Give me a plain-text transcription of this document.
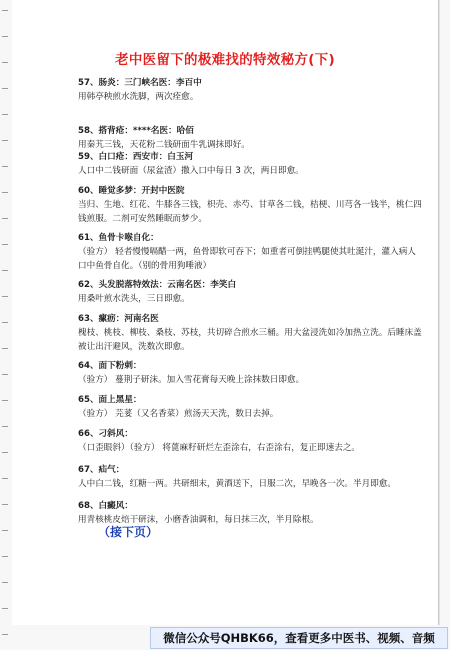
老中医留下的极难找的特效秘方(下)
57、肠炎：三门峡名医：李百中
用韩亭秧煎水洗脚，两次痊愈。
58、搭背疮：****名医：哈佰
用秦艽三钱，天花粉二钱研面牛乳调抹即好。
59、白口疮：西安市：白玉河
人口中二钱研面（尿盆渣）撒入口中每日 3 次，两日即愈。
60、睡觉多梦：开封中医院
当归、生地、红花、牛膝各三钱，枳壳、赤芍、甘草各二钱，桔梗、川芎各一钱半，桃仁四
钱煎服。二剂可安然睡眠而梦少。
61、鱼骨卡喉自化：
（验方） 轻者慢慢嗝醋一两，鱼骨即软可吞下；如重者可倒挂鸭腿使其吐涎汁，灌入病人
口中鱼骨自化。（别的骨用狗唾液）
62、头发脱落特效法：云南名医：李笑白
用桑叶煎水洗头，三日即愈。
63、瘰疬：河南名医
槐枝、桃枝、柳枝、桑枝、苏枝，共切碎合煎水三桶。用大盆浸洗如冷加热立洗。后睡床盖
被让出汗避风，洗数次即愈。
64、面下粉刺：
（验方） 蔓荆子研沫。加入雪花膏每天晚上涂抹数日即愈。
65、面上黑星：
（验方） 芫荽（又名香菜）煎汤天天洗，数日去掉。
66、刁斜风：
（口歪眼斜）（验方） 将蓖麻籽研烂左歪涂右，右歪涂右，复正即速去之。
67、疝气：
人中白二钱，红糖一两。共研细末，黄酒送下，日服二次，早晚各一次。半月即愈。
68、白癜风：
用青核桃皮焙干研沫，小磨香油调和，每日抹三次，半月除根。
（接下页）
微信公众号QHBK66，查看更多中医书、视频、音频
